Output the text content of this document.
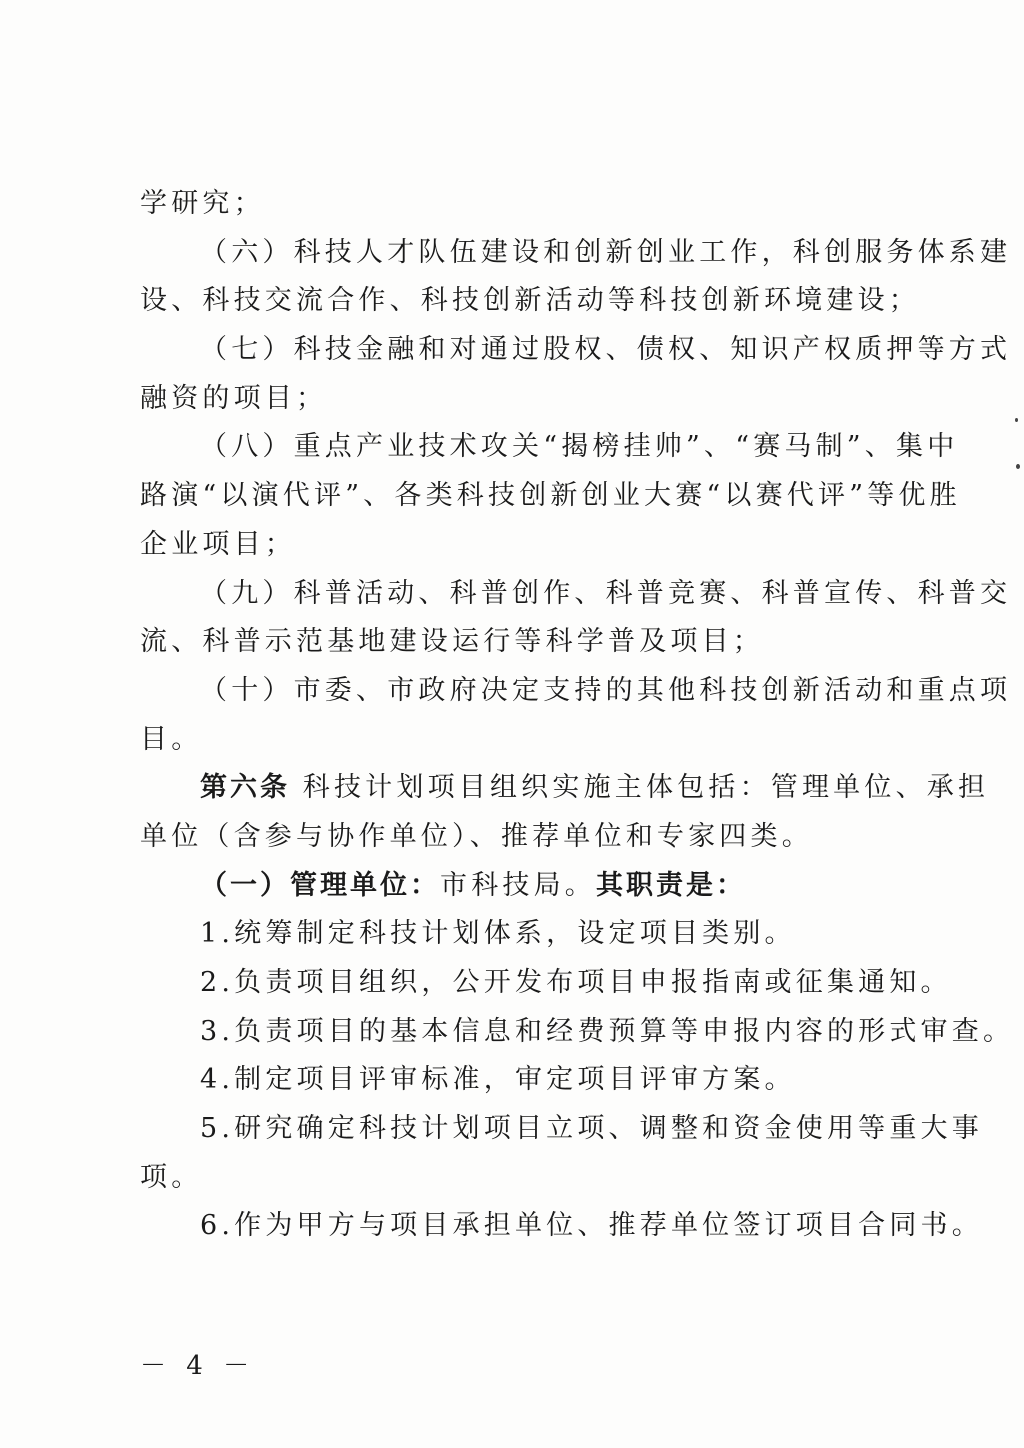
学研究；
（六）科技人才队伍建设和创新创业工作，科创服务体系建
设、科技交流合作、科技创新活动等科技创新环境建设；
（七）科技金融和对通过股权、债权、知识产权质押等方式
融资的项目；
（八）重点产业技术攻关“揭榜挂帅”、“赛马制”、集中
路演“以演代评”、各类科技创新创业大赛“以赛代评”等优胜
企业项目；
（九）科普活动、科普创作、科普竞赛、科普宣传、科普交
流、科普示范基地建设运行等科学普及项目；
（十）市委、市政府决定支持的其他科技创新活动和重点项
目。
第六条 科技计划项目组织实施主体包括：管理单位、承担
单位（含参与协作单位）、推荐单位和专家四类。
（一）管理单位：市科技局。其职责是：
1.统筹制定科技计划体系，设定项目类别。
2.负责项目组织，公开发布项目申报指南或征集通知。
3.负责项目的基本信息和经费预算等申报内容的形式审查。
4.制定项目评审标准，审定项目评审方案。
5.研究确定科技计划项目立项、调整和资金使用等重大事
项。
6.作为甲方与项目承担单位、推荐单位签订项目合同书。
－ 4 －
